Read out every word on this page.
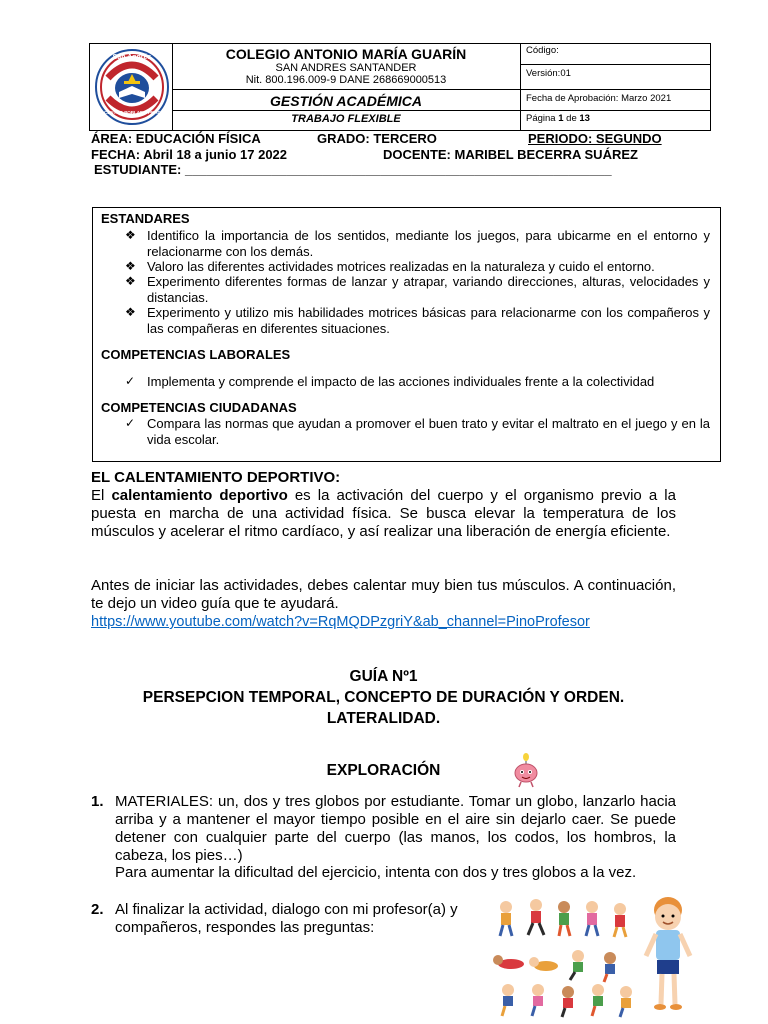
San Andrés
CENTRO POBLADO PRADERA
COLEGIO ANTONIO MARÍA GUARÍN
SAN ANDRES SANTANDER
Nit. 800.196.009-9 DANE 268669000513
GESTIÓN ACADÉMICA
TRABAJO FLEXIBLE
Código:
Versión:01
Fecha de Aprobación: Marzo 2021
Página 1 de 13
ÁREA: EDUCACIÓN FÍSICA	GRADO: TERCERO	PERIODO: SEGUNDO
FECHA: Abril 18 a junio 17 2022	DOCENTE: MARIBEL BECERRA SUÁREZ
ESTUDIANTE: ___________________________________________________________
ESTANDARES
❖ Identifico la importancia de los sentidos, mediante los juegos, para ubicarme en el entorno y relacionarme con los demás.
❖ Valoro las diferentes actividades motrices realizadas en la naturaleza y cuido el entorno.
❖ Experimento diferentes formas de lanzar y atrapar, variando direcciones, alturas, velocidades y distancias.
❖ Experimento y utilizo mis habilidades motrices básicas para relacionarme con los compañeros y las compañeras en diferentes situaciones.
COMPETENCIAS LABORALES
✓ Implementa y comprende el impacto de las acciones individuales frente a la colectividad
COMPETENCIAS CIUDADANAS
✓ Compara las normas que ayudan a promover el buen trato y evitar el maltrato en el juego y en la vida escolar.
EL CALENTAMIENTO DEPORTIVO:
El calentamiento deportivo es la activación del cuerpo y el organismo previo a la puesta en marcha de una actividad física. Se busca elevar la temperatura de los músculos y acelerar el ritmo cardíaco, y así realizar una liberación de energía eficiente.
Antes de iniciar las actividades, debes calentar muy bien tus músculos. A continuación, te dejo un video guía que te ayudará.
https://www.youtube.com/watch?v=RqMQDPzgriY&ab_channel=PinoProfesor
GUÍA Nº1
PERSEPCION TEMPORAL, CONCEPTO DE DURACIÓN Y ORDEN.
LATERALIDAD.
EXPLORACIÓN
1. MATERIALES: un, dos y tres globos por estudiante. Tomar un globo, lanzarlo hacia arriba y a mantener el mayor tiempo posible en el aire sin dejarlo caer. Se puede detener con cualquier parte del cuerpo (las manos, los codos, los hombros, la cabeza, los pies…)
Para aumentar la dificultad del ejercicio, intenta con dos y tres globos a la vez.
2. Al finalizar la actividad, dialogo con mi profesor(a) y compañeros, respondes las preguntas:
